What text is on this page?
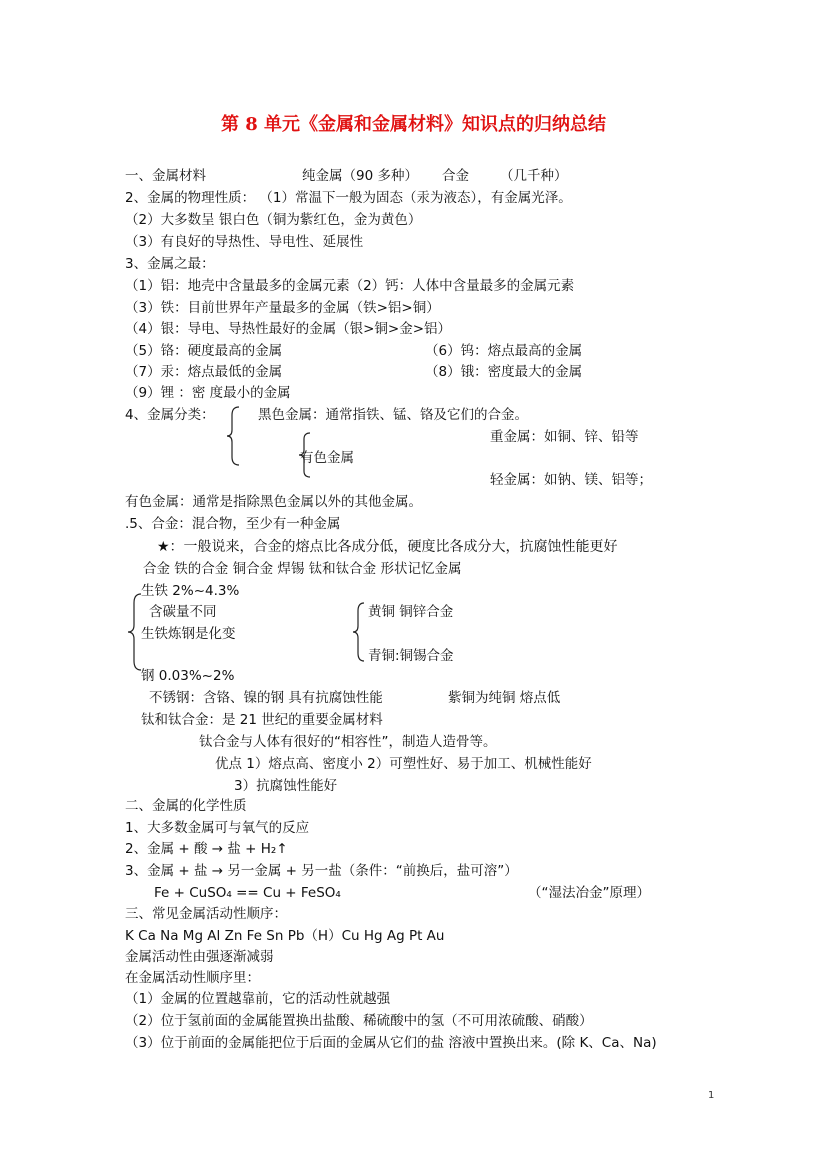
第 8 单元《金属和金属材料》知识点的归纳总结
一、金属材料	纯金属（90 多种） 合金 （几千种）
2、金属的物理性质： （1）常温下一般为固态（汞为液态），有金属光泽。
（2）大多数呈 银白色（铜为紫红色，金为黄色）
（3）有良好的导热性、导电性、延展性
3、金属之最：
（1）铝：地壳中含量最多的金属元素（2）钙：人体中含量最多的金属元素
（3）铁：目前世界年产量最多的金属（铁>铝>铜）
（4）银：导电、导热性最好的金属（银>铜>金>铝）
（5）铬：硬度最高的金属	（6）钨：熔点最高的金属
（7）汞：熔点最低的金属	（8）锇：密度最大的金属
（9）锂 ：密 度最小的金属
4、金属分类：	黑色金属：通常指铁、锰、铬及它们的合金。
重金属：如铜、锌、铅等
有色金属
轻金属：如钠、镁、铝等；
有色金属：通常是指除黑色金属以外的其他金属。
.5、合金：混合物，至少有一种金属
★：一般说来，合金的熔点比各成分低，硬度比各成分大，抗腐蚀性能更好
合金 铁的合金 铜合金 焊锡 钛和钛合金 形状记忆金属
生铁 2%~4.3%
含碳量不同
生铁炼钢是化变
黄铜 铜锌合金
青铜:铜锡合金
钢 0.03%~2%
不锈钢：含铬、镍的钢 具有抗腐蚀性能	紫铜为纯铜 熔点低
钛和钛合金：是 21 世纪的重要金属材料
钛合金与人体有很好的“相容性”，制造人造骨等。
优点 1）熔点高、密度小 2）可塑性好、易于加工、机械性能好
3）抗腐蚀性能好
二、金属的化学性质
1、大多数金属可与氧气的反应
2、金属 + 酸 → 盐 + H₂↑
3、金属 + 盐 → 另一金属 + 另一盐（条件：“前换后，盐可溶”）
Fe + CuSO₄ == Cu + FeSO₄	（“湿法冶金”原理）
三、常见金属活动性顺序：
K Ca Na Mg Al Zn Fe Sn Pb（H）Cu Hg Ag Pt Au
金属活动性由强逐渐减弱
在金属活动性顺序里：
（1）金属的位置越靠前，它的活动性就越强
（2）位于氢前面的金属能置换出盐酸、稀硫酸中的氢（不可用浓硫酸、硝酸）
（3）位于前面的金属能把位于后面的金属从它们的盐 溶液中置换出来。(除 K、Ca、Na)
1
